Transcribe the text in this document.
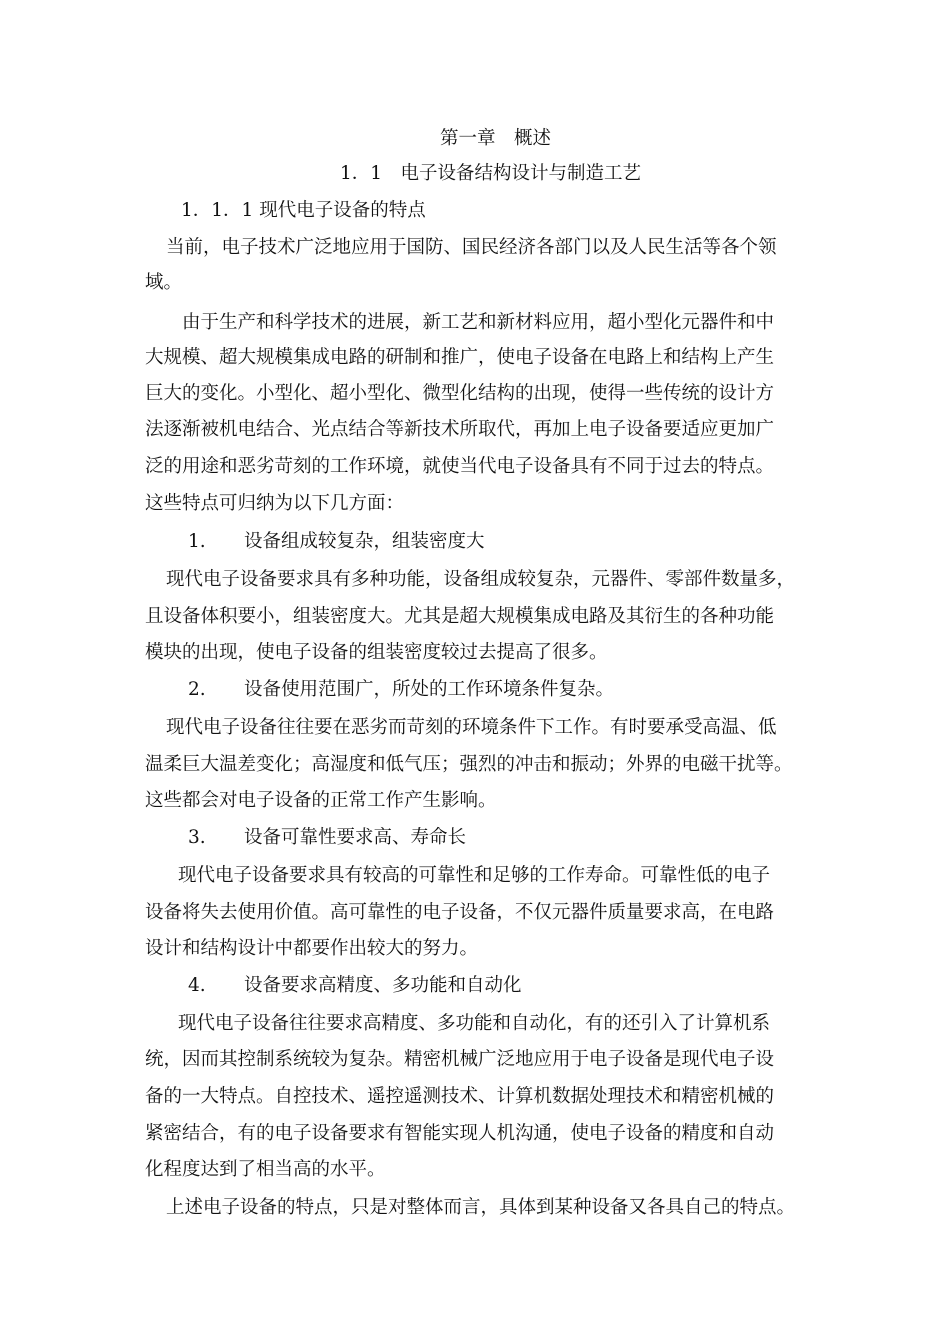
第一章　概述
1．1　电子设备结构设计与制造工艺
1．1．1 现代电子设备的特点
当前，电子技术广泛地应用于国防、国民经济各部门以及人民生活等各个领
域。
由于生产和科学技术的进展，新工艺和新材料应用，超小型化元器件和中
大规模、超大规模集成电路的研制和推广，使电子设备在电路上和结构上产生
巨大的变化。小型化、超小型化、微型化结构的出现，使得一些传统的设计方
法逐渐被机电结合、光点结合等新技术所取代，再加上电子设备要适应更加广
泛的用途和恶劣苛刻的工作环境，就使当代电子设备具有不同于过去的特点。
这些特点可归纳为以下几方面：
1. 设备组成较复杂，组装密度大
现代电子设备要求具有多种功能，设备组成较复杂，元器件、零部件数量多，
且设备体积要小，组装密度大。尤其是超大规模集成电路及其衍生的各种功能
模块的出现，使电子设备的组装密度较过去提高了很多。
2. 设备使用范围广，所处的工作环境条件复杂。
现代电子设备往往要在恶劣而苛刻的环境条件下工作。有时要承受高温、低
温柔巨大温差变化；高湿度和低气压；强烈的冲击和振动；外界的电磁干扰等。
这些都会对电子设备的正常工作产生影响。
3. 设备可靠性要求高、寿命长
现代电子设备要求具有较高的可靠性和足够的工作寿命。可靠性低的电子
设备将失去使用价值。高可靠性的电子设备，不仅元器件质量要求高，在电路
设计和结构设计中都要作出较大的努力。
4. 设备要求高精度、多功能和自动化
现代电子设备往往要求高精度、多功能和自动化，有的还引入了计算机系
统，因而其控制系统较为复杂。精密机械广泛地应用于电子设备是现代电子设
备的一大特点。自控技术、遥控遥测技术、计算机数据处理技术和精密机械的
紧密结合，有的电子设备要求有智能实现人机沟通，使电子设备的精度和自动
化程度达到了相当高的水平。
上述电子设备的特点，只是对整体而言，具体到某种设备又各具自己的特点。
